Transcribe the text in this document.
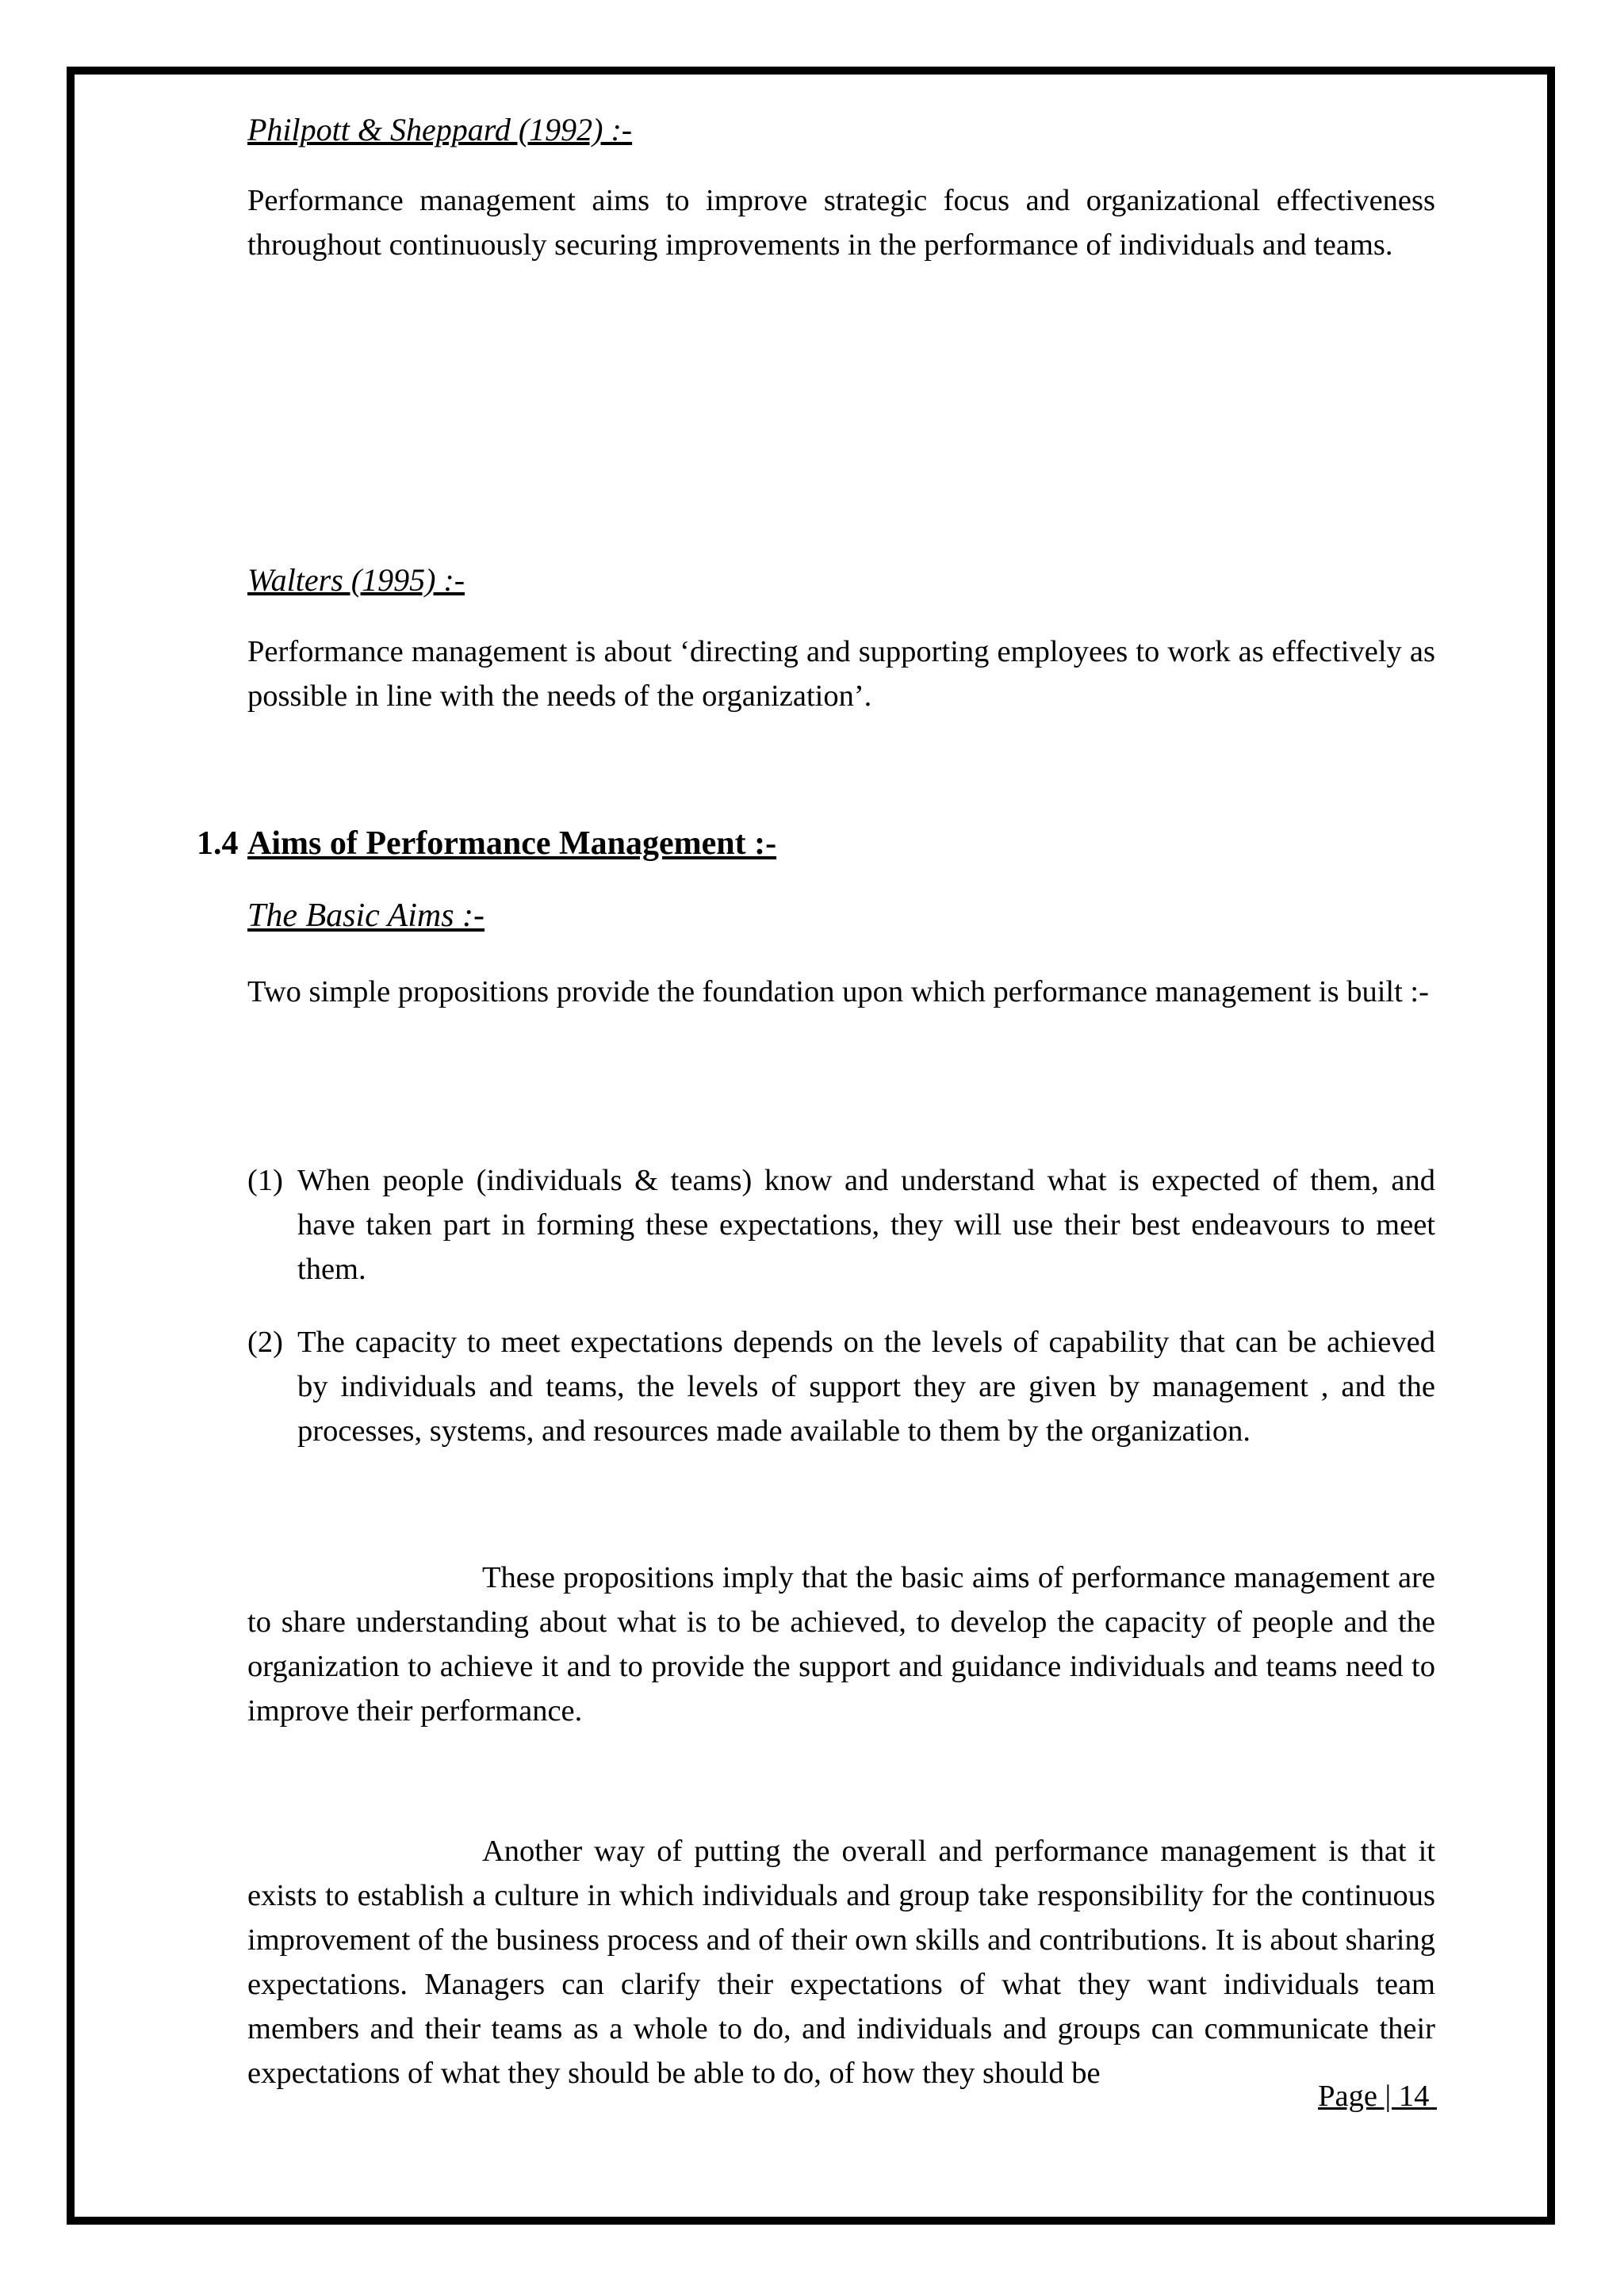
Philpott & Sheppard (1992) :-
Performance management aims to improve strategic focus and organizational effectiveness throughout continuously securing improvements in the performance of individuals and teams.
Walters (1995) :-
Performance management is about ‘directing and supporting employees to work as effectively as possible in line with the needs of the organization’.
1.4 Aims of Performance Management :-
The Basic Aims :-
Two simple propositions provide the foundation upon which performance management is built :-
(1) When people (individuals & teams) know and understand what is expected of them, and have taken part in forming these expectations, they will use their best endeavours to meet them.
(2) The capacity to meet expectations depends on the levels of capability that can be achieved by individuals and teams, the levels of support they are given by management , and the processes, systems, and resources made available to them by the organization.
These propositions imply that the basic aims of performance management are to share understanding about what is to be achieved, to develop the capacity of people and the organization to achieve it and to provide the support and guidance individuals and teams need to improve their performance.
Another way of putting the overall and performance management is that it exists to establish a culture in which individuals and group take responsibility for the continuous improvement of the business process and of their own skills and contributions. It is about sharing expectations. Managers can clarify their expectations of what they want individuals team members and their teams as a whole to do, and individuals and groups can communicate their expectations of what they should be able to do, of how they should be
Page | 14
